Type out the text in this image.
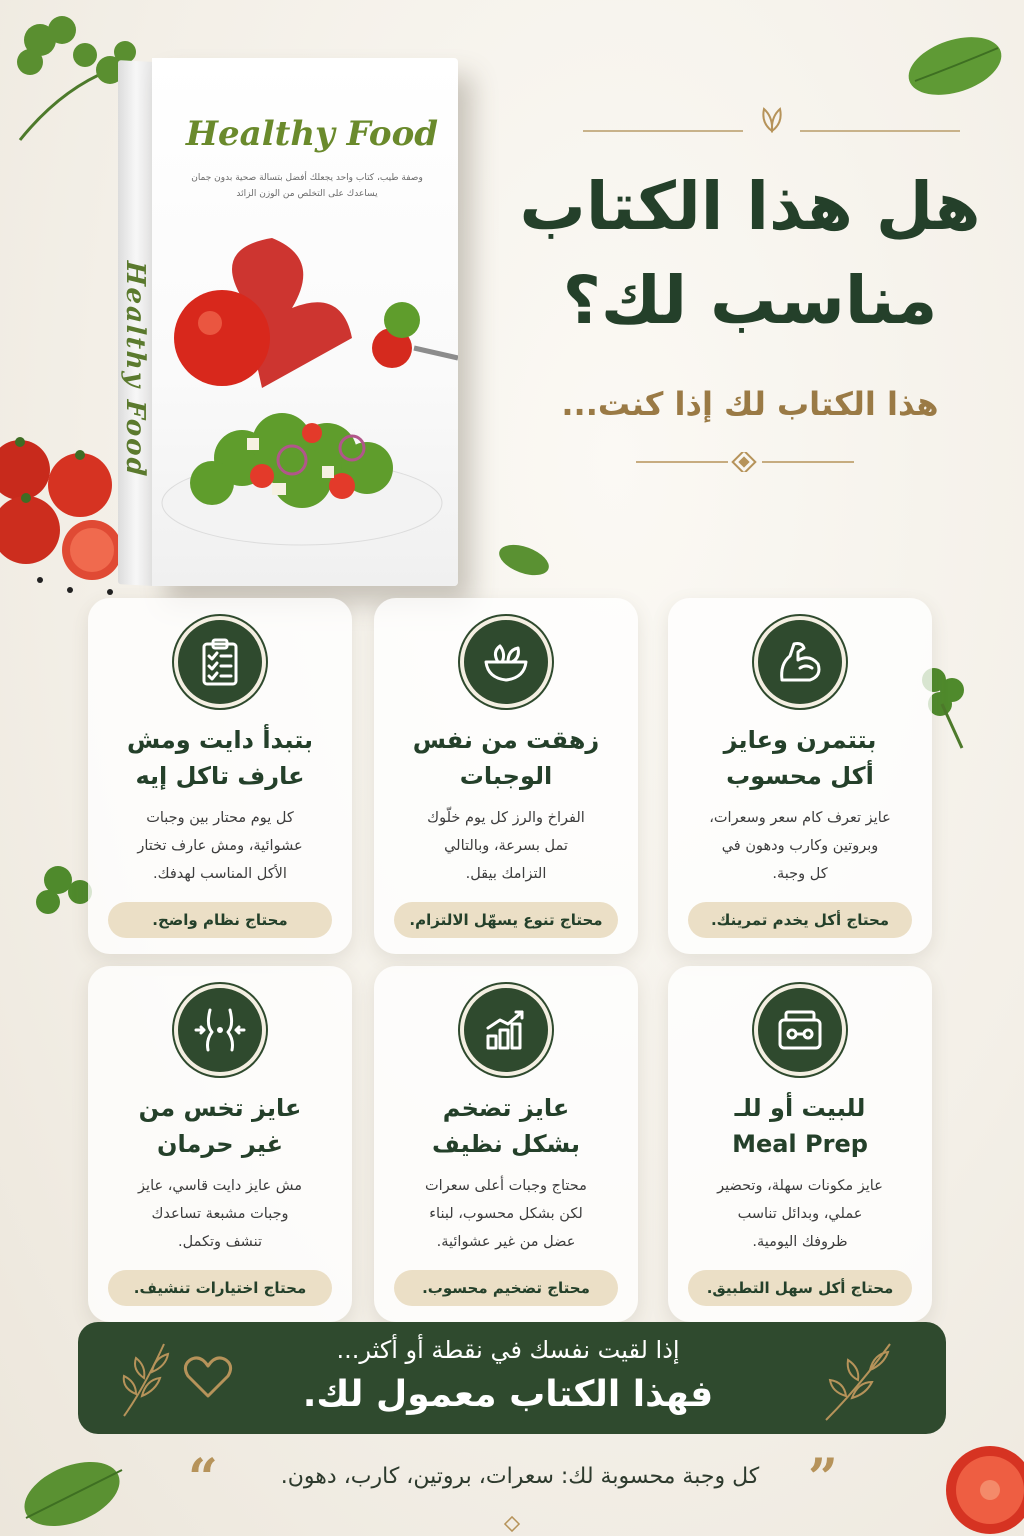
Healthy Food
Healthy Food
وصفة طيب، كتاب واحد يجعلك أفضل بتسالة صحية بدون جمان يساعدك على التخلص من الوزن الزائد	هل هذا الكتاب
مناسب لك؟
هذا الكتاب لك إذا كنت...
بتتمرن وعايز
أكل محسوب
عايز تعرف كام سعر وسعرات،
وبروتين وكارب ودهون في
كل وجبة.
محتاج أكل يخدم تمرينك.
زهقت من نفس
الوجبات
الفراخ والرز كل يوم خلّوك
تمل بسرعة، وبالتالي
التزامك بيقل.
محتاج تنوع يسهّل الالتزام.
بتبدأ دايت ومش
عارف تاكل إيه
كل يوم محتار بين وجبات
عشوائية، ومش عارف تختار
الأكل المناسب لهدفك.
محتاج نظام واضح.
للبيت أو للـ
Meal Prep
عايز مكونات سهلة، وتحضير
عملي، وبدائل تناسب
ظروفك اليومية.
محتاج أكل سهل التطبيق.
عايز تضخم
بشكل نظيف
محتاج وجبات أعلى سعرات
لكن بشكل محسوب، لبناء
عضل من غير عشوائية.
محتاج تضخيم محسوب.
عايز تخس من
غير حرمان
مش عايز دايت قاسي، عايز
وجبات مشبعة تساعدك
تنشف وتكمل.
محتاج اختيارات تنشيف.
إذا لقيت نفسك في نقطة أو أكثر...
فهذا الكتاب معمول لك.
”
كل وجبة محسوبة لك: سعرات، بروتين، كارب، دهون.
“
